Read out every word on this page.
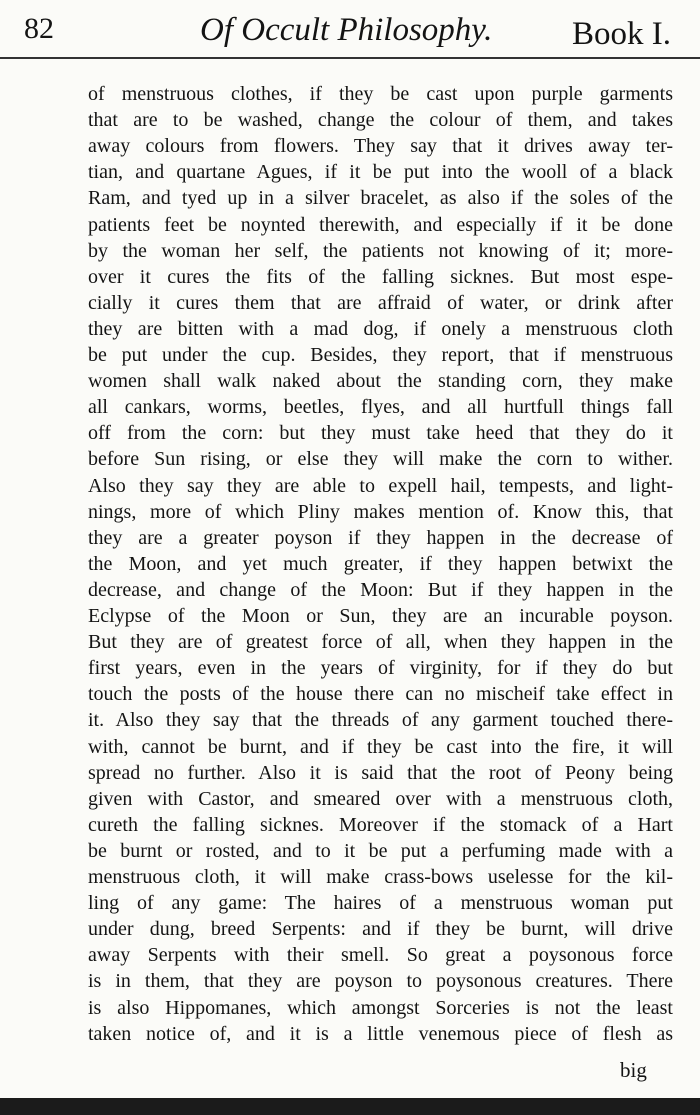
82	Of Occult Philosophy. Book I.
of menstruous clothes, if they be cast upon purple garments
that are to be washed, change the colour of them, and takes
away colours from flowers. They say that it drives away ter-
tian, and quartane Agues, if it be put into the wooll of a black
Ram, and tyed up in a silver bracelet, as also if the soles of the
patients feet be noynted therewith, and especially if it be done
by the woman her self, the patients not knowing of it; more-
over it cures the fits of the falling sicknes. But most espe-
cially it cures them that are affraid of water, or drink after
they are bitten with a mad dog, if onely a menstruous cloth
be put under the cup. Besides, they report, that if menstruous
women shall walk naked about the standing corn, they make
all cankars, worms, beetles, flyes, and all hurtfull things fall
off from the corn: but they must take heed that they do it
before Sun rising, or else they will make the corn to wither.
Also they say they are able to expell hail, tempests, and light-
nings, more of which Pliny makes mention of. Know this, that
they are a greater poyson if they happen in the decrease of
the Moon, and yet much greater, if they happen betwixt the
decrease, and change of the Moon: But if they happen in the
Eclypse of the Moon or Sun, they are an incurable poyson.
But they are of greatest force of all, when they happen in the
first years, even in the years of virginity, for if they do but
touch the posts of the house there can no mischeif take effect in
it. Also they say that the threads of any garment touched there-
with, cannot be burnt, and if they be cast into the fire, it will
spread no further. Also it is said that the root of Peony being
given with Castor, and smeared over with a menstruous cloth,
cureth the falling sicknes. Moreover if the stomack of a Hart
be burnt or rosted, and to it be put a perfuming made with a
menstruous cloth, it will make crass-bows uselesse for the kil-
ling of any game: The haires of a menstruous woman put
under dung, breed Serpents: and if they be burnt, will drive
away Serpents with their smell. So great a poysonous force
is in them, that they are poyson to poysonous creatures. There
is also Hippomanes, which amongst Sorceries is not the least
taken notice of, and it is a little venemous piece of flesh as
big
